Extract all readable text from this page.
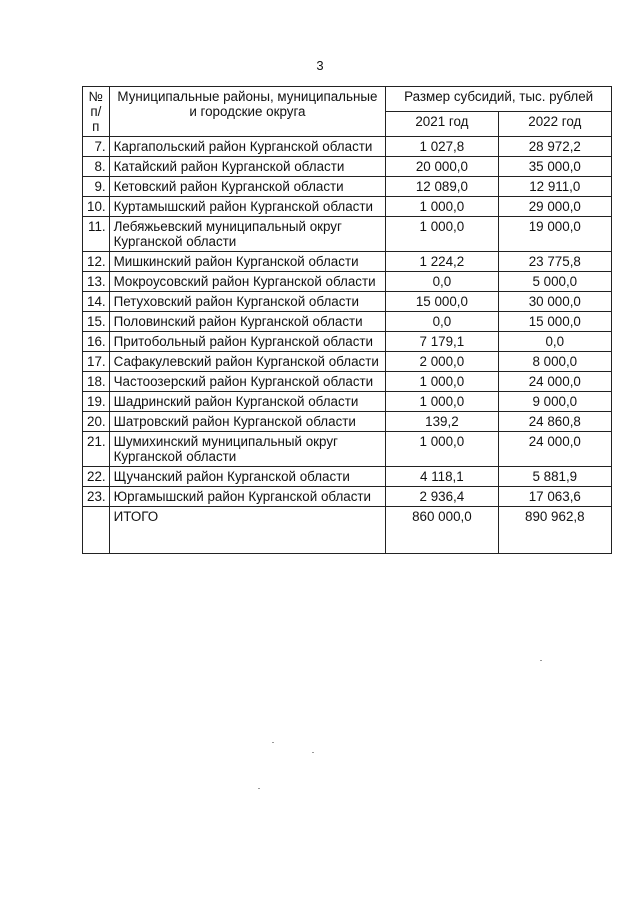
3
№ п/п	Муниципальные районы, муниципальные и городские округа	Размер субсидий, тыс. рублей	
		2021 год	2022 год
7.	Каргапольский район Курганской области	1 027,8	28 972,2
8.	Катайский район Курганской области	20 000,0	35 000,0
9.	Кетовский район Курганской области	12 089,0	12 911,0
10.	Куртамышский район Курганской области	1 000,0	29 000,0
11.	Лебяжьевский муниципальный округ Курганской области	1 000,0	19 000,0
12.	Мишкинский район Курганской области	1 224,2	23 775,8
13.	Мокроусовский район Курганской области	0,0	5 000,0
14.	Петуховский район Курганской области	15 000,0	30 000,0
15.	Половинский район Курганской области	0,0	15 000,0
16.	Притобольный район Курганской области	7 179,1	0,0
17.	Сафакулевский район Курганской области	2 000,0	8 000,0
18.	Частоозерский район Курганской области	1 000,0	24 000,0
19.	Шадринский район Курганской области	1 000,0	9 000,0
20.	Шатровский район Курганской области	139,2	24 860,8
21.	Шумихинский муниципальный округ Курганской области	1 000,0	24 000,0
22.	Щучанский район Курганской области	4 118,1	5 881,9
23.	Юргамышский район Курганской области	2 936,4	17 063,6
	ИТОГО	860 000,0	890 962,8
